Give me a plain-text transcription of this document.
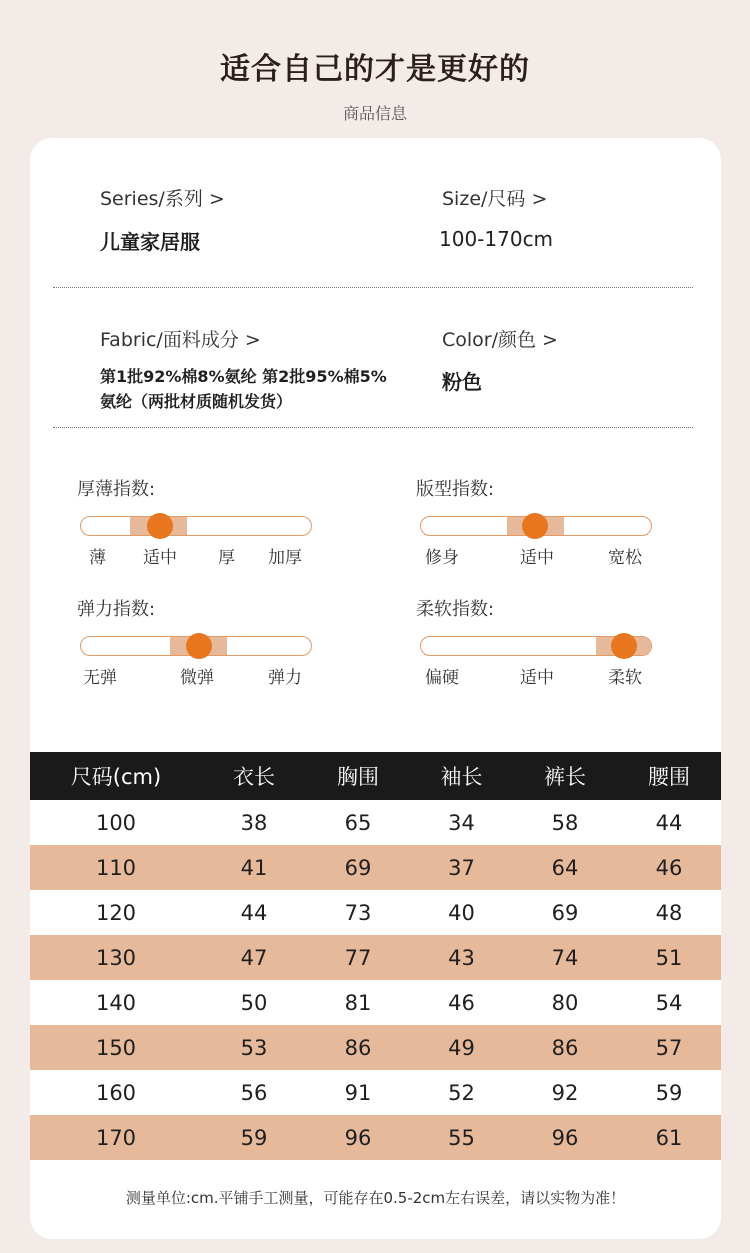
适合自己的才是更好的
商品信息
Series/系列 >
儿童家居服
Size/尺码 >
100-170cm
Fabric/面料成分 >
第1批92%棉8%氨纶 第2批95%棉5%氨纶（两批材质随机发货）
Color/颜色 >
粉色
厚薄指数:
薄 适中 厚 加厚
版型指数:
修身	适中	宽松
弹力指数:
无弹	微弹	弹力
柔软指数:
偏硬	适中	柔软
尺码(cm)	衣长	胸围	袖长	裤长	腰围
100	38	65	34	58	44
110	41	69	37	64	46
120	44	73	40	69	48
130	47	77	43	74	51
140	50	81	46	80	54
150	53	86	49	86	57
160	56	91	52	92	59
170	59	96	55	96	61
测量单位:cm.平铺手工测量，可能存在0.5-2cm左右误差，请以实物为准！
